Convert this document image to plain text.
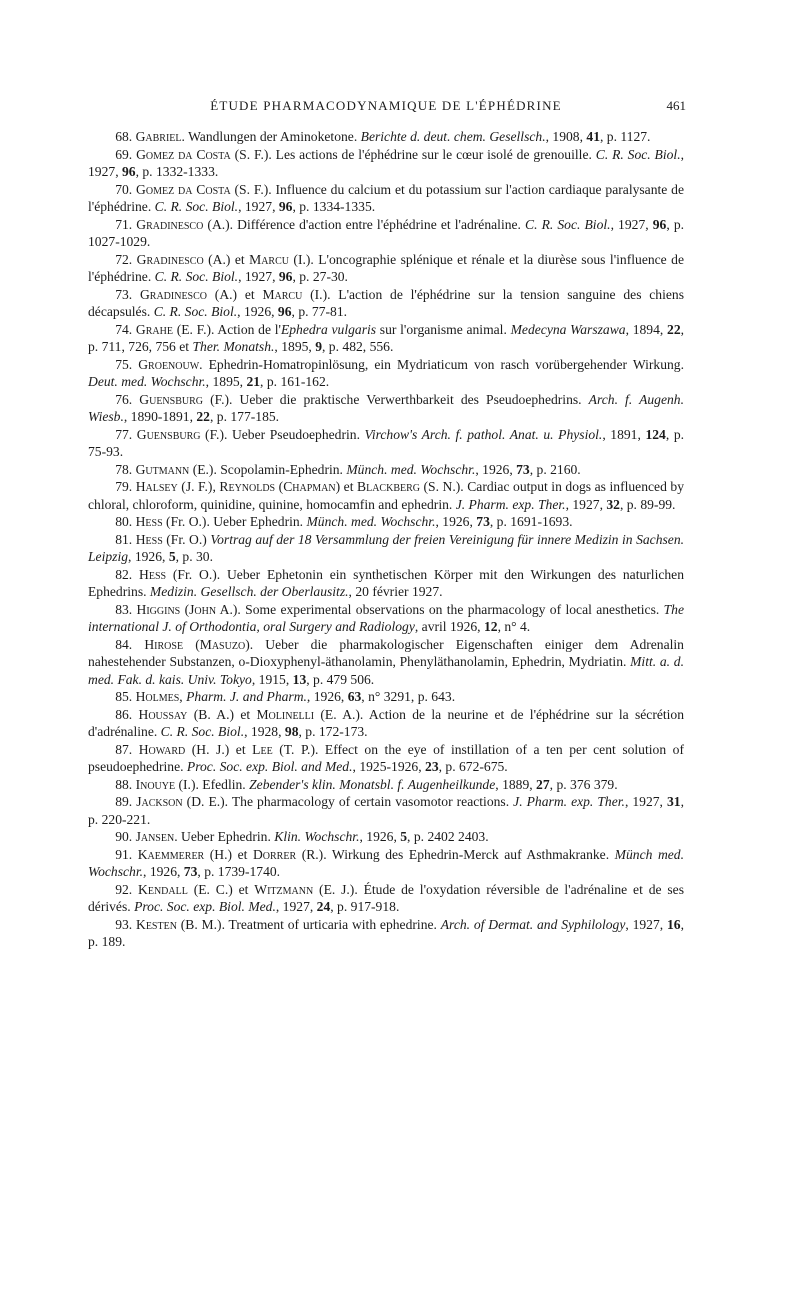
ÉTUDE PHARMACODYNAMIQUE DE L'ÉPHÉDRINE	461

68. Gabriel. Wandlungen der Aminoketone. Berichte d. deut. chem. Gesellsch., 1908, 41, p. 1127.

69. Gomez da Costa (S. F.). Les actions de l'éphédrine sur le cœur isolé de grenouille. C. R. Soc. Biol., 1927, 96, p. 1332-1333.

70. Gomez da Costa (S. F.). Influence du calcium et du potassium sur l'action cardiaque paralysante de l'éphédrine. C. R. Soc. Biol., 1927, 96, p. 1334-1335.

71. Gradinesco (A.). Différence d'action entre l'éphédrine et l'adrénaline. C. R. Soc. Biol., 1927, 96, p. 1027-1029.

72. Gradinesco (A.) et Marcu (I.). L'oncographie splénique et rénale et la diurèse sous l'influence de l'éphédrine. C. R. Soc. Biol., 1927, 96, p. 27-30.

73. Gradinesco (A.) et Marcu (I.). L'action de l'éphédrine sur la tension sanguine des chiens décapsulés. C. R. Soc. Biol., 1926, 96, p. 77-81.

74. Grahe (E. F.). Action de l'Ephedra vulgaris sur l'organisme animal. Medecyna Warszawa, 1894, 22, p. 711, 726, 756 et Ther. Monatsh., 1895, 9, p. 482, 556.

75. Groenouw. Ephedrin-Homatropinlösung, ein Mydriaticum von rasch vorübergehender Wirkung. Deut. med. Wochschr., 1895, 21, p. 161-162.

76. Guensburg (F.). Ueber die praktische Verwerthbarkeit des Pseudoephedrins. Arch. f. Augenh. Wiesb., 1890-1891, 22, p. 177-185.

77. Guensburg (F.). Ueber Pseudoephedrin. Virchow's Arch. f. pathol. Anat. u. Physiol., 1891, 124, p. 75-93.

78. Gutmann (E.). Scopolamin-Ephedrin. Münch. med. Wochschr., 1926, 73, p. 2160.

79. Halsey (J. F.), Reynolds (Chapman) et Blackberg (S. N.). Cardiac output in dogs as influenced by chloral, chloroform, quinidine, quinine, homocamfin and ephedrin. J. Pharm. exp. Ther., 1927, 32, p. 89-99.

80. Hess (Fr. O.). Ueber Ephedrin. Münch. med. Wochschr., 1926, 73, p. 1691-1693.

81. Hess (Fr. O.) Vortrag auf der 18 Versammlung der freien Vereinigung für innere Medizin in Sachsen. Leipzig, 1926, 5, p. 30.

82. Hess (Fr. O.). Ueber Ephetonin ein synthetischen Körper mit den Wirkungen des naturlichen Ephedrins. Medizin. Gesellsch. der Oberlausitz., 20 février 1927.

83. Higgins (John A.). Some experimental observations on the pharmacology of local anesthetics. The international J. of Orthodontia, oral Surgery and Radiology, avril 1926, 12, n° 4.

84. Hirose (Masuzo). Ueber die pharmakologischer Eigenschaften einiger dem Adrenalin nahestehender Substanzen, o-Dioxyphenyl-äthanolamin, Phenyläthanolamin, Ephedrin, Mydriatin. Mitt. a. d. med. Fak. d. kais. Univ. Tokyo, 1915, 13, p. 479 506.

85. Holmes, Pharm. J. and Pharm., 1926, 63, n° 3291, p. 643.

86. Houssay (B. A.) et Molinelli (E. A.). Action de la neurine et de l'éphédrine sur la sécrétion d'adrénaline. C. R. Soc. Biol., 1928, 98, p. 172-173.

87. Howard (H. J.) et Lee (T. P.). Effect on the eye of instillation of a ten per cent solution of pseudoephedrine. Proc. Soc. exp. Biol. and Med., 1925-1926, 23, p. 672-675.

88. Inouye (I.). Efedlin. Zebender's klin. Monatsbl. f. Augenheilkunde, 1889, 27, p. 376 379.

89. Jackson (D. E.). The pharmacology of certain vasomotor reactions. J. Pharm. exp. Ther., 1927, 31, p. 220-221.

90. Jansen. Ueber Ephedrin. Klin. Wochschr., 1926, 5, p. 2402 2403.

91. Kaemmerer (H.) et Dorrer (R.). Wirkung des Ephedrin-Merck auf Asthmakranke. Münch med. Wochschr., 1926, 73, p. 1739-1740.

92. Kendall (E. C.) et Witzmann (E. J.). Étude de l'oxydation réversible de l'adrénaline et de ses dérivés. Proc. Soc. exp. Biol. Med., 1927, 24, p. 917-918.

93. Kesten (B. M.). Treatment of urticaria with ephedrine. Arch. of Dermat. and Syphilology, 1927, 16, p. 189.
